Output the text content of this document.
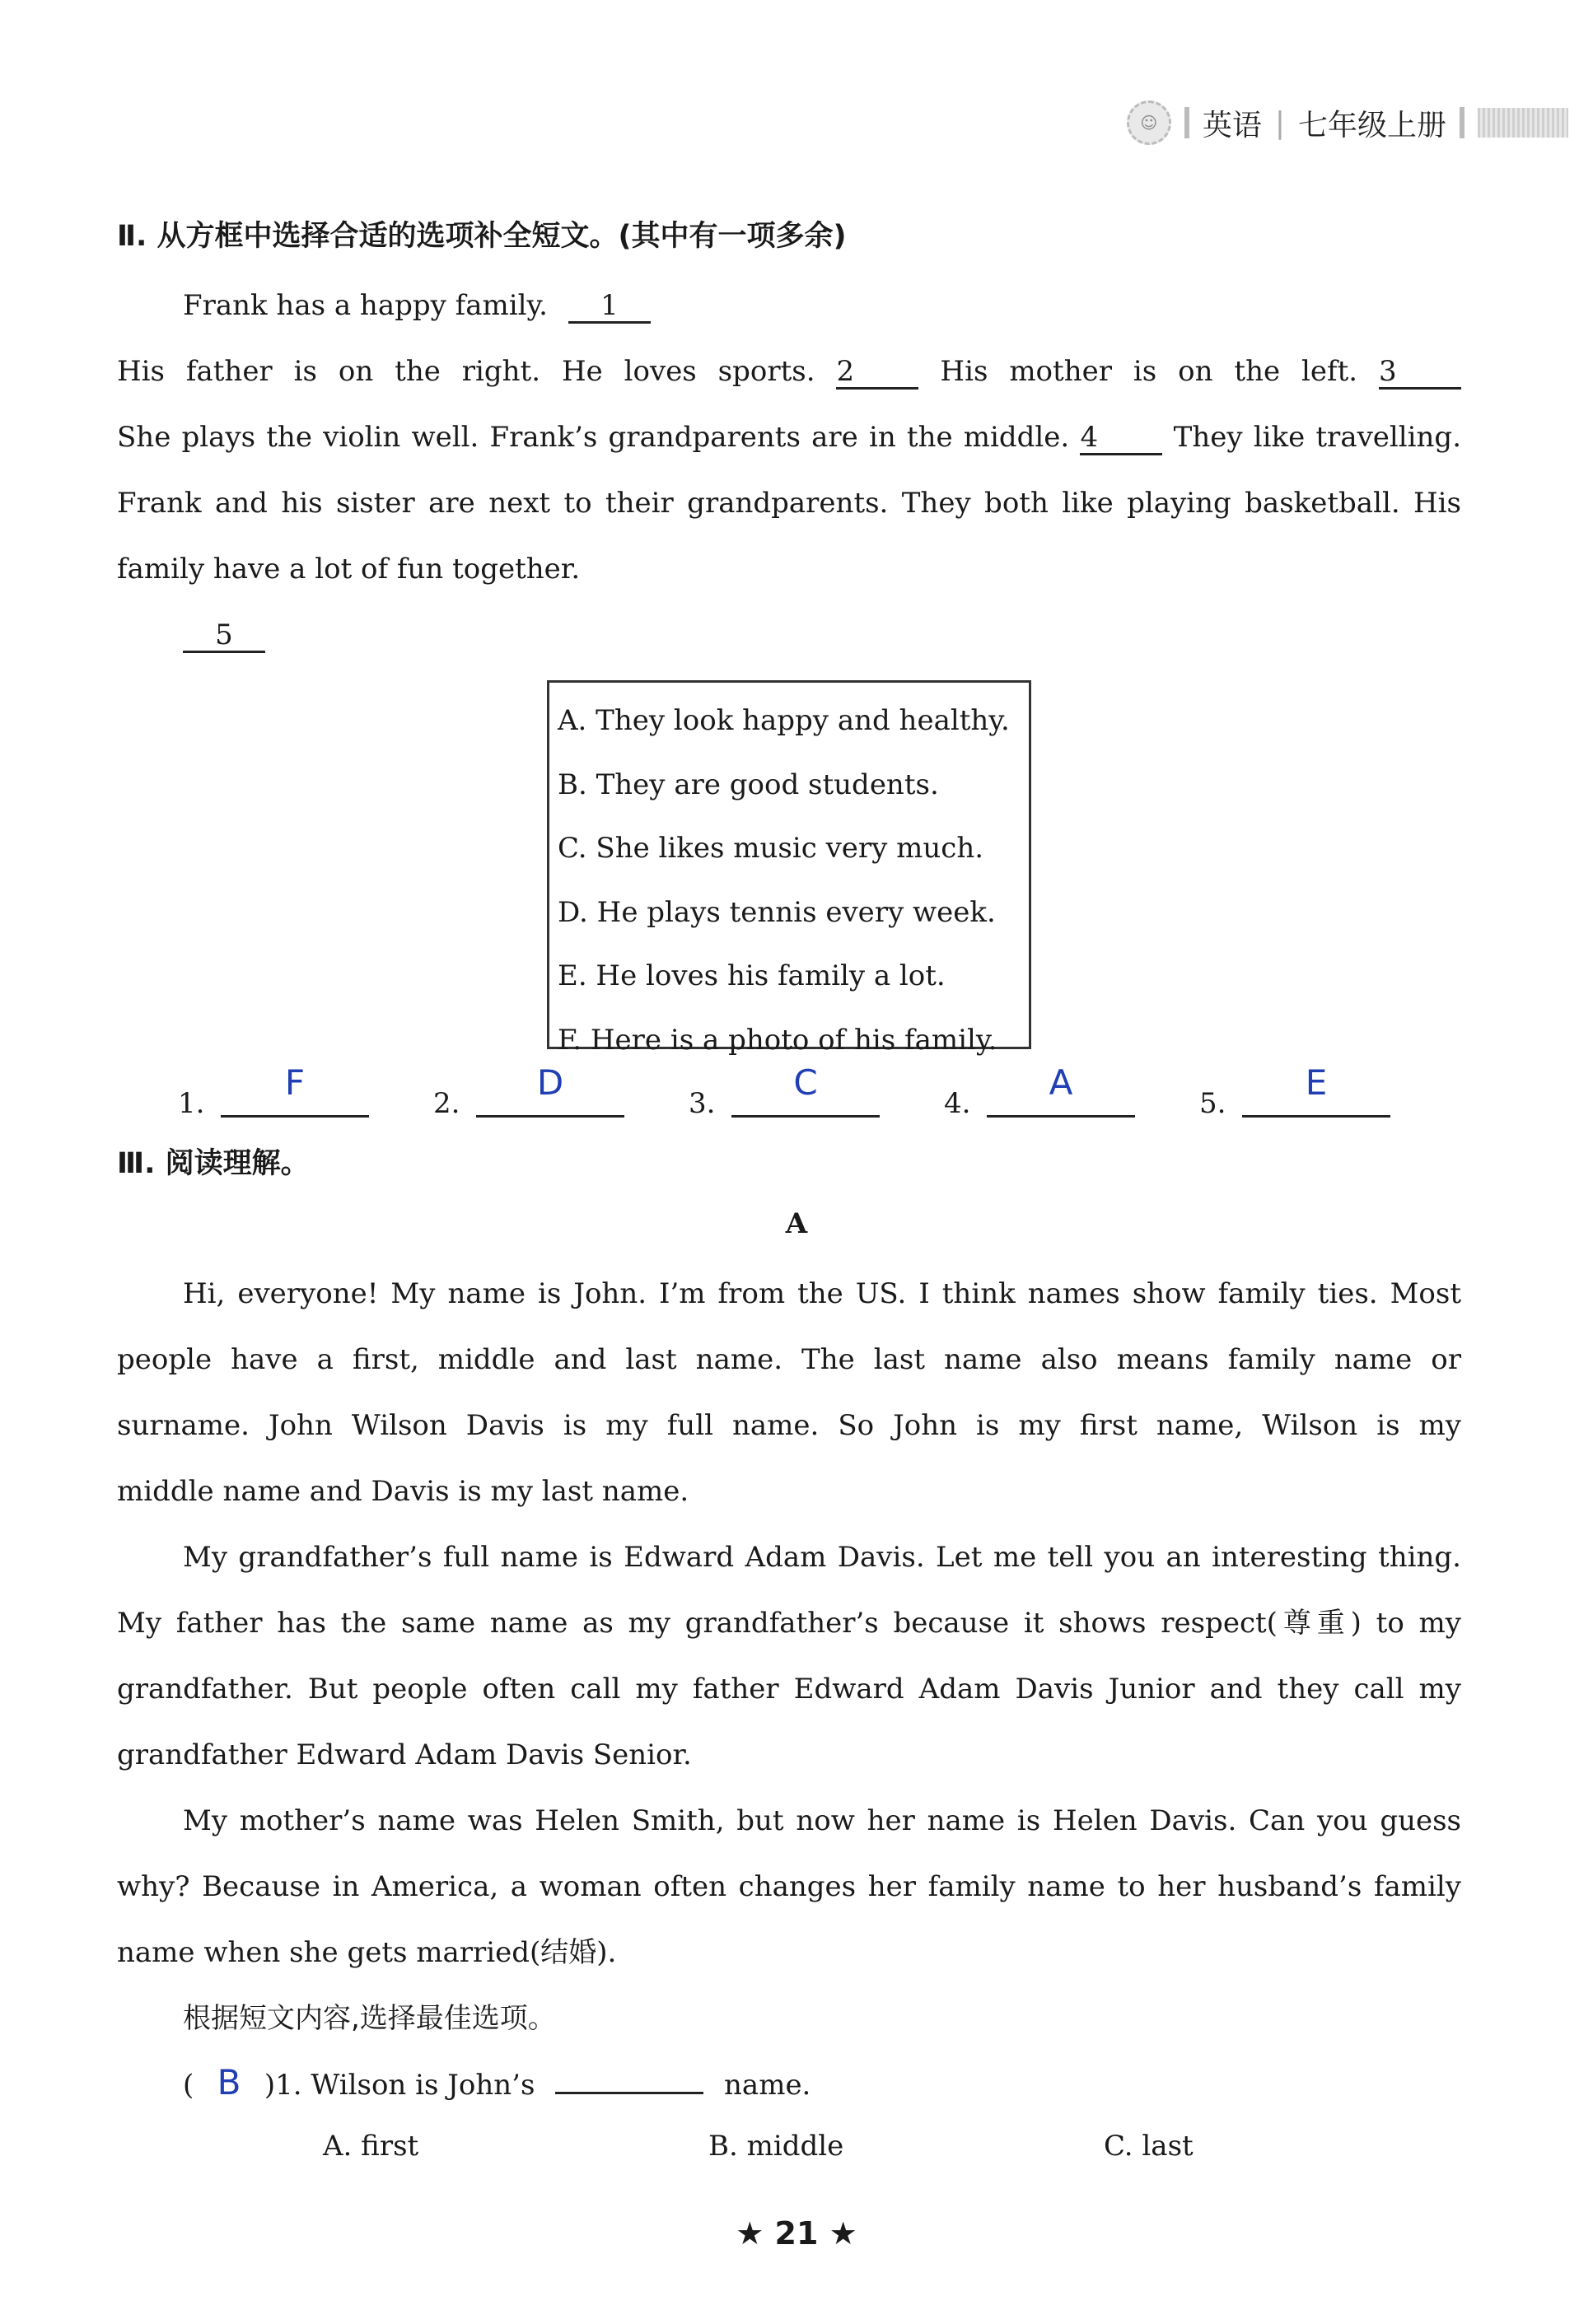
☺	英语 | 七年级上册
Ⅱ. 从方框中选择合适的选项补全短文。(其中有一项多余)
Frank has a happy family. 1
His father is on the right. He loves sports. 2	His mother is on the left. 3
She plays the violin well. Frank’s grandparents are in the middle. 4	They like travelling.
Frank and his sister are next to their grandparents. They both like playing basketball. His
family have a lot of fun together.
5
A. They look happy and healthy.
B. They are good students.
C. She likes music very much.
D. He plays tennis every week.
E. He loves his family a lot.
F. Here is a photo of his family.
1.
F
2.
D
3.
C
4.
A
5.
E
Ⅲ. 阅读理解。
A
Hi, everyone! My name is John. I’m from the US. I think names show family ties. Most
people have a first, middle and last name. The last name also means family name or
surname. John Wilson Davis is my full name. So John is my first name, Wilson is my
middle name and Davis is my last name.
My grandfather’s full name is Edward Adam Davis. Let me tell you an interesting thing.
My father has the same name as my grandfather’s because it shows respect(尊重) to my
grandfather. But people often call my father Edward Adam Davis Junior and they call my
grandfather Edward Adam Davis Senior.
My mother’s name was Helen Smith, but now her name is Helen Davis. Can you guess
why? Because in America, a woman often changes her family name to her husband’s family
name when she gets married(结婚).
根据短文内容,选择最佳选项。
( B )1. Wilson is John’s	name.
A. first	B. middle	C. last
★ 21 ★
